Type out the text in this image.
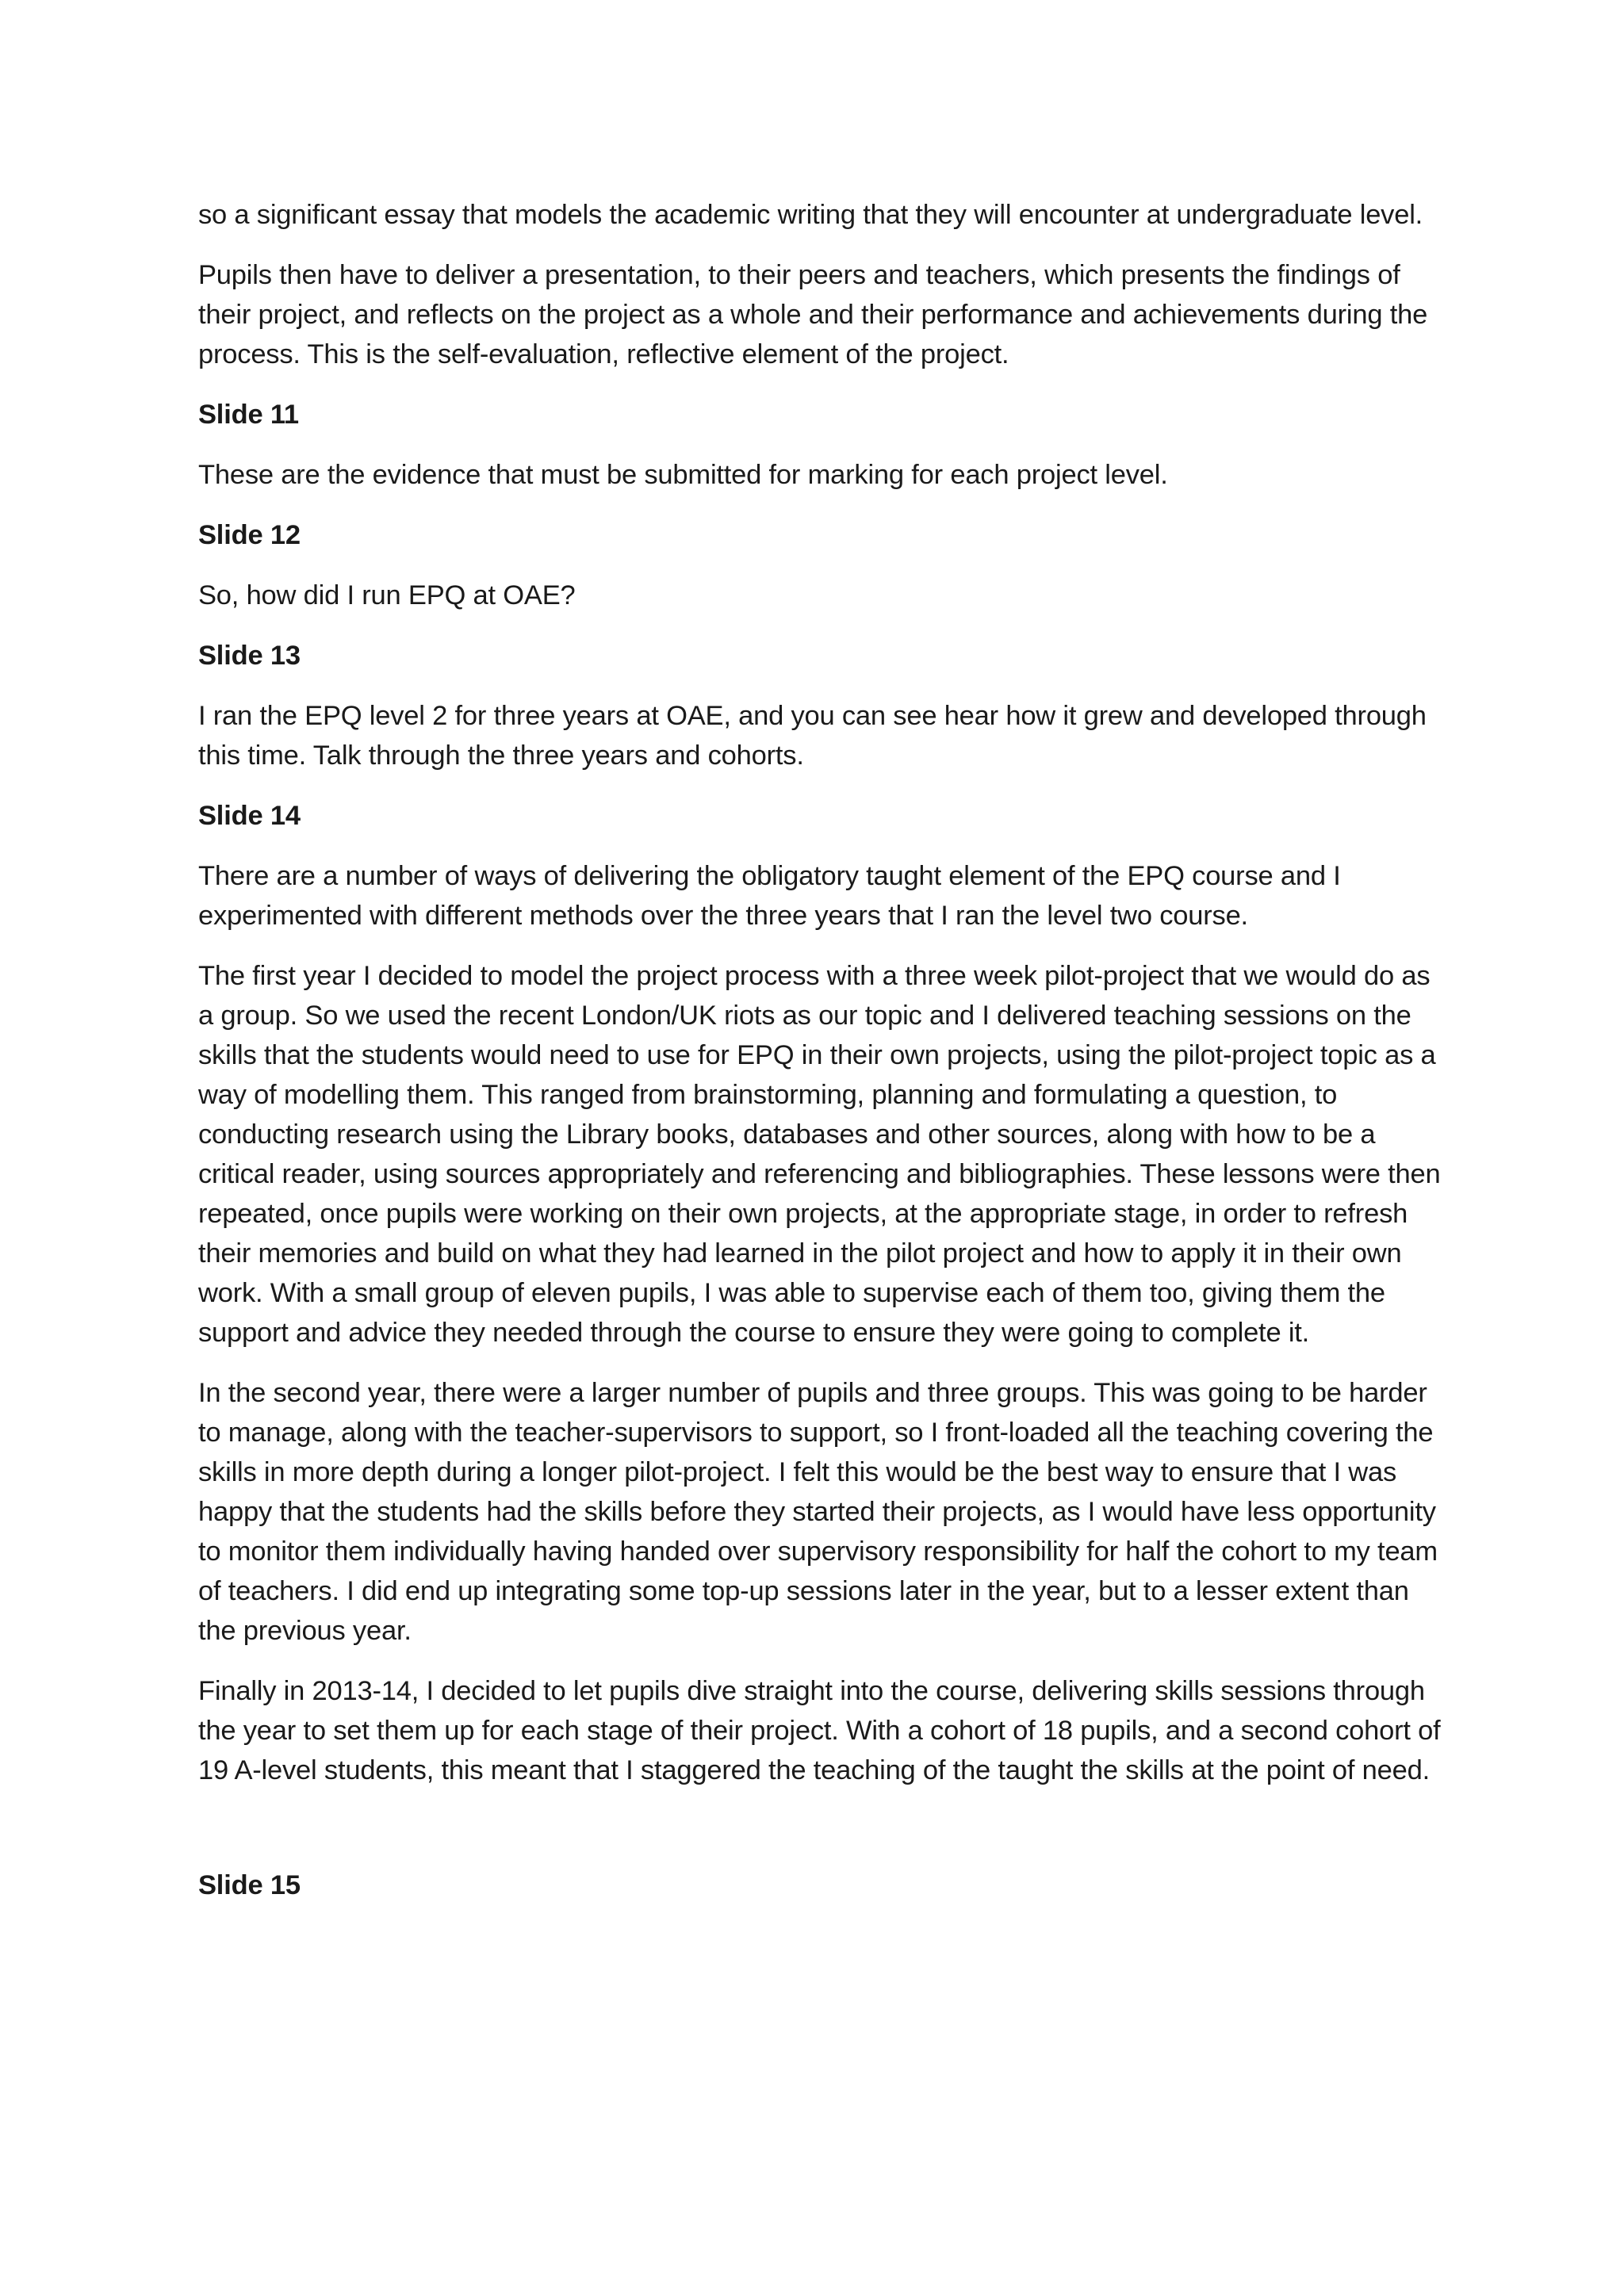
so a significant essay that models the academic writing that they will encounter at undergraduate level.

Pupils then have to deliver a presentation, to their peers and teachers, which presents the findings of their project, and reflects on the project as a whole and their performance and achievements during the process. This is the self-evaluation, reflective element of the project.

Slide 11

These are the evidence that must be submitted for marking for each project level.

Slide 12

So, how did I run EPQ at OAE?

Slide 13

I ran the EPQ level 2 for three years at OAE, and you can see hear how it grew and developed through this time. Talk through the three years and cohorts.

Slide 14

There are a number of ways of delivering the obligatory taught element of the EPQ course and I experimented with different methods over the three years that I ran the level two course.

The first year I decided to model the project process with a three week pilot-project that we would do as a group. So we used the recent London/UK riots as our topic and I delivered teaching sessions on the skills that the students would need to use for EPQ in their own projects, using the pilot-project topic as a way of modelling them. This ranged from brainstorming, planning and formulating a question, to conducting research using the Library books, databases and other sources, along with how to be a critical reader, using sources appropriately and referencing and bibliographies. These lessons were then repeated, once pupils were working on their own projects, at the appropriate stage, in order to refresh their memories and build on what they had learned in the pilot project and how to apply it in their own work. With a small group of eleven pupils, I was able to supervise each of them too, giving them the support and advice they needed through the course to ensure they were going to complete it.

In the second year, there were a larger number of pupils and three groups. This was going to be harder to manage, along with the teacher-supervisors to support, so I front-loaded all the teaching covering the skills in more depth during a longer pilot-project. I felt this would be the best way to ensure that I was happy that the students had the skills before they started their projects, as I would have less opportunity to monitor them individually having handed over supervisory responsibility for half the cohort to my team of teachers. I did end up integrating some top-up sessions later in the year, but to a lesser extent than the previous year.

Finally in 2013-14, I decided to let pupils dive straight into the course, delivering skills sessions through the year to set them up for each stage of their project. With a cohort of 18 pupils, and a second cohort of 19 A-level students, this meant that I staggered the teaching of the taught the skills at the point of need.

Slide 15
